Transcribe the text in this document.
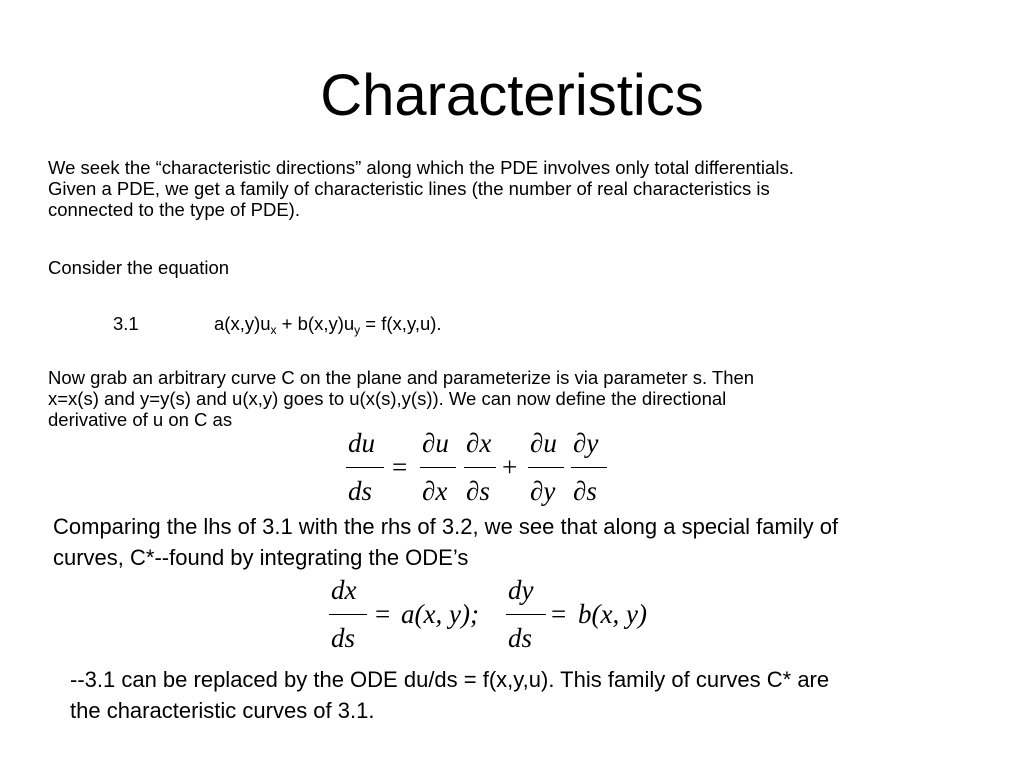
Characteristics
We seek the “characteristic directions” along which the PDE involves only total differentials.
Given a PDE, we get a family of characteristic lines (the number of real characteristics is
connected to the type of PDE).
Consider the equation
3.1	$a(x,y)u_x + b(x,y)u_y = f(x,y,u)$.
Now grab an arbitrary curve C on the plane and parameterize is via parameter s. Then
x=x(s) and y=y(s) and u(x,y) goes to u(x(s),y(s)). We can now define the directional
derivative of u on C as
du
ds
=
∂u
∂x
∂x
∂s
+
∂u
∂y
∂y
∂s
Comparing the lhs of 3.1 with the rhs of 3.2, we see that along a special family of
curves, C*--found by integrating the ODE’s
dx
ds
= a(x, y);
dy
ds
= b(x, y)
--3.1 can be replaced by the ODE du/ds = f(x,y,u). This family of curves C* are
the characteristic curves of 3.1.
